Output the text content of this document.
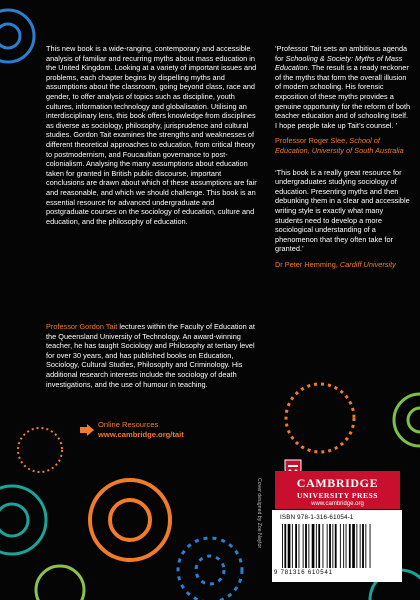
This new book is a wide-ranging, contemporary and accessible analysis of familiar and recurring myths about mass education in the United Kingdom. Looking at a variety of important issues and problems, each chapter begins by dispelling myths and assumptions about the classroom, going beyond class, race and gender, to offer analysis of topics such as discipline, youth cultures, information technology and globalisation. Utilising an interdisciplinary lens, this book offers knowledge from disciplines as diverse as sociology, philosophy, jurisprudence and cultural studies. Gordon Tait examines the strengths and weaknesses of different theoretical approaches to education, from critical theory to postmodernism, and Foucaultian governance to post-colonialism. Analysing the many assumptions about education taken for granted in British public discourse, important conclusions are drawn about which of these assumptions are fair and reasonable, and which we should challenge. This book is an essential resource for advanced undergraduate and postgraduate courses on the sociology of education, culture and education, and the philosophy of education.
Professor Gordon Tait lectures within the Faculty of Education at the Queensland University of Technology. An award-winning teacher, he has taught Sociology and Philosophy at tertiary level for over 30 years, and has published books on Education, Sociology, Cultural Studies, Philosophy and Criminology. His additional research interests include the sociology of death investigations, and the use of humour in teaching.

‘Professor Tait sets an ambitious agenda for Schooling & Society: Myths of Mass Education. The result is a ready reckoner of the myths that form the overall illusion of modern schooling. His forensic exposition of these myths provides a genuine opportunity for the reform of both teacher education and of schooling itself. I hope people take up Tait’s counsel. ’

Professor Roger Slee, School of Education, University of South Australia

‘This book is a really great resource for undergraduates studying sociology of education. Presenting myths and then debunking them in a clear and accessible writing style is exactly what many students need to develop a more sociological understanding of a phenomenon that they often take for granted.’

Dr Peter Hemming, Cardiff University
Online Resources
www.cambridge.org/tait
Cover designed by Zoe Naylor	CAMBRIDGE
UNIVERSITY PRESS
www.cambridge.org
ISBN 978-1-316-61054-1
9 781316 610541
